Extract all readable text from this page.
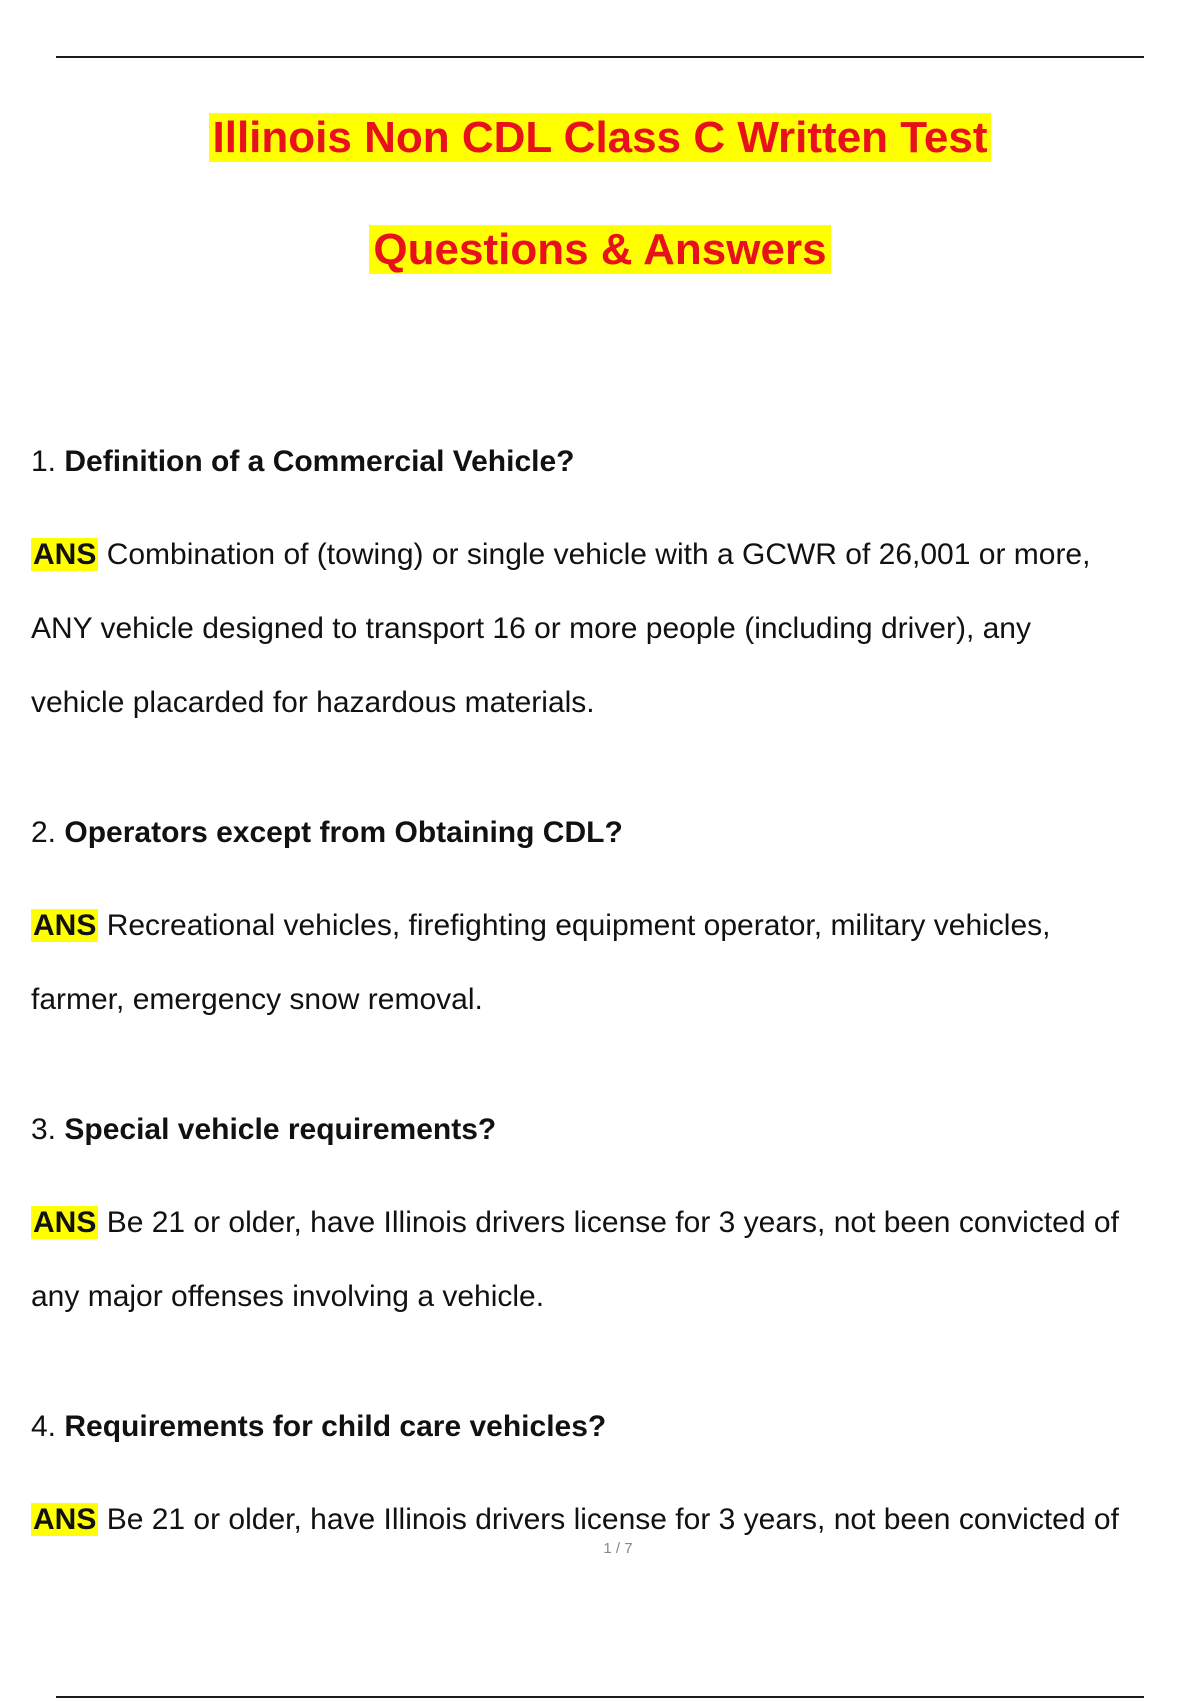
Illinois Non CDL Class C Written Test
Questions & Answers
1. Definition of a Commercial Vehicle?
ANS Combination of (towing) or single vehicle with a GCWR of 26,001 or more,
ANY vehicle designed to transport 16 or more people (including driver), any
vehicle placarded for hazardous materials.
2. Operators except from Obtaining CDL?
ANS Recreational vehicles, firefighting equipment operator, military vehicles,
farmer, emergency snow removal.
3. Special vehicle requirements?
ANS Be 21 or older, have Illinois drivers license for 3 years, not been convicted of
any major offenses involving a vehicle.
4. Requirements for child care vehicles?
ANS Be 21 or older, have Illinois drivers license for 3 years, not been convicted of
1 / 7
